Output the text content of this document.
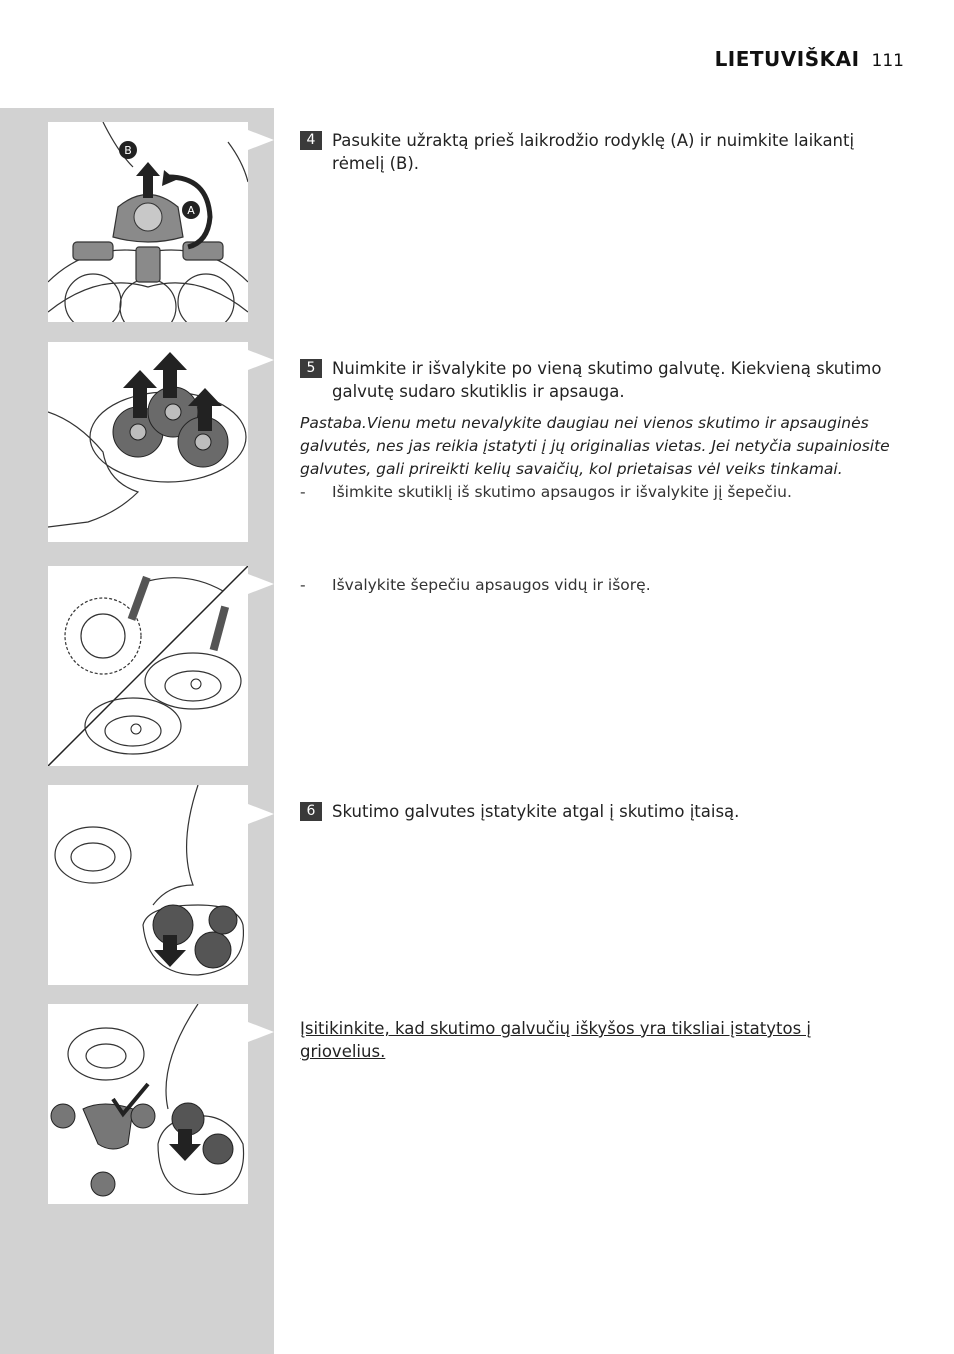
LIETUVIŠKAI 111
B
A
4	Pasukite užraktą prieš laikrodžio rodyklę (A) ir nuimkite laikantį rėmelį (B).
5	Nuimkite ir išvalykite po vieną skutimo galvutę. Kiekvieną skutimo galvutę sudaro skutiklis ir apsauga.
Pastaba.Vienu metu nevalykite daugiau nei vienos skutimo ir apsauginės galvutės, nes jas reikia įstatyti į jų originalias vietas. Jei netyčia supainiosite galvutes, gali prireikti kelių savaičių, kol prietaisas vėl veiks tinkamai.
-	Išimkite skutiklį iš skutimo apsaugos ir išvalykite jį šepečiu.
-	Išvalykite šepečiu apsaugos vidų ir išorę.
6	Skutimo galvutes įstatykite atgal į skutimo įtaisą.
Įsitikinkite, kad skutimo galvučių iškyšos yra tiksliai įstatytos į griovelius.
